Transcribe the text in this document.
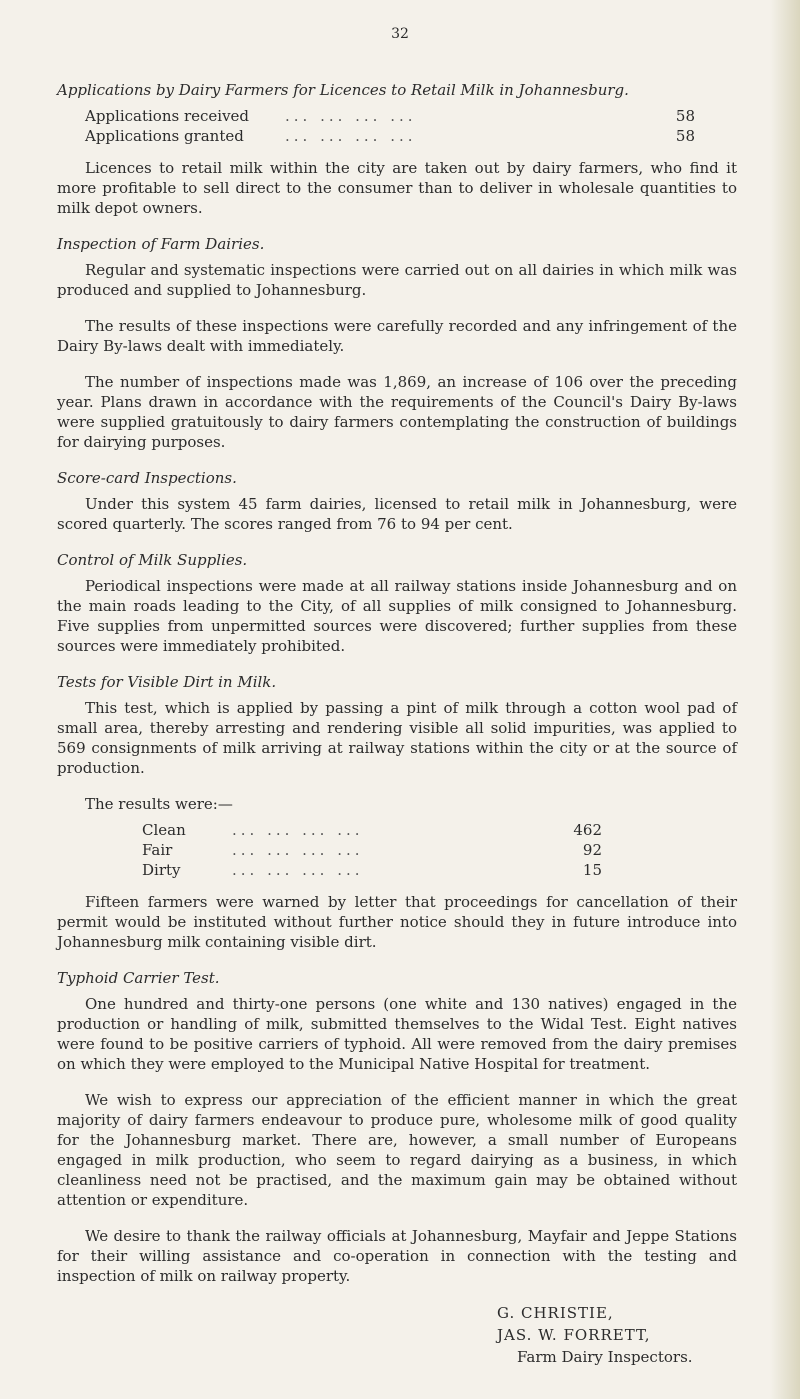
32
Applications by Dairy Farmers for Licences to Retail Milk in Johannesburg.
Applications received	... ... ... ...	58
Applications granted	... ... ... ...	58

Licences to retail milk within the city are taken out by dairy farmers, who find it more profitable to sell direct to the consumer than to deliver in wholesale quantities to milk depot owners.

Inspection of Farm Dairies.

Regular and systematic inspections were carried out on all dairies in which milk was produced and supplied to Johannesburg.

The results of these inspections were carefully recorded and any infringement of the Dairy By-laws dealt with immediately.

The number of inspections made was 1,869, an increase of 106 over the preceding year. Plans drawn in accordance with the requirements of the Council's Dairy By-laws were supplied gratuitously to dairy farmers contemplating the construction of buildings for dairying purposes.

Score-card Inspections.

Under this system 45 farm dairies, licensed to retail milk in Johannesburg, were scored quarterly. The scores ranged from 76 to 94 per cent.

Control of Milk Supplies.

Periodical inspections were made at all railway stations inside Johannesburg and on the main roads leading to the City, of all supplies of milk consigned to Johannesburg. Five supplies from unpermitted sources were discovered; further supplies from these sources were immediately prohibited.

Tests for Visible Dirt in Milk.

This test, which is applied by passing a pint of milk through a cotton wool pad of small area, thereby arresting and rendering visible all solid impurities, was applied to 569 consignments of milk arriving at railway stations within the city or at the source of production.

The results were:—

Clean	... ... ... ...	462
Fair	... ... ... ...	92
Dirty	... ... ... ...	15

Fifteen farmers were warned by letter that proceedings for cancellation of their permit would be instituted without further notice should they in future introduce into Johannesburg milk containing visible dirt.

Typhoid Carrier Test.

One hundred and thirty-one persons (one white and 130 natives) engaged in the production or handling of milk, submitted themselves to the Widal Test. Eight natives were found to be positive carriers of typhoid. All were removed from the dairy premises on which they were employed to the Municipal Native Hospital for treatment.

We wish to express our appreciation of the efficient manner in which the great majority of dairy farmers endeavour to produce pure, wholesome milk of good quality for the Johannesburg market. There are, however, a small number of Europeans engaged in milk production, who seem to regard dairying as a business, in which cleanliness need not be practised, and the maximum gain may be obtained without attention or expenditure.

We desire to thank the railway officials at Johannesburg, Mayfair and Jeppe Stations for their willing assistance and co-operation in connection with the testing and inspection of milk on railway property.

G. CHRISTIE,
JAS. W. FORRETT,
Farm Dairy Inspectors.
